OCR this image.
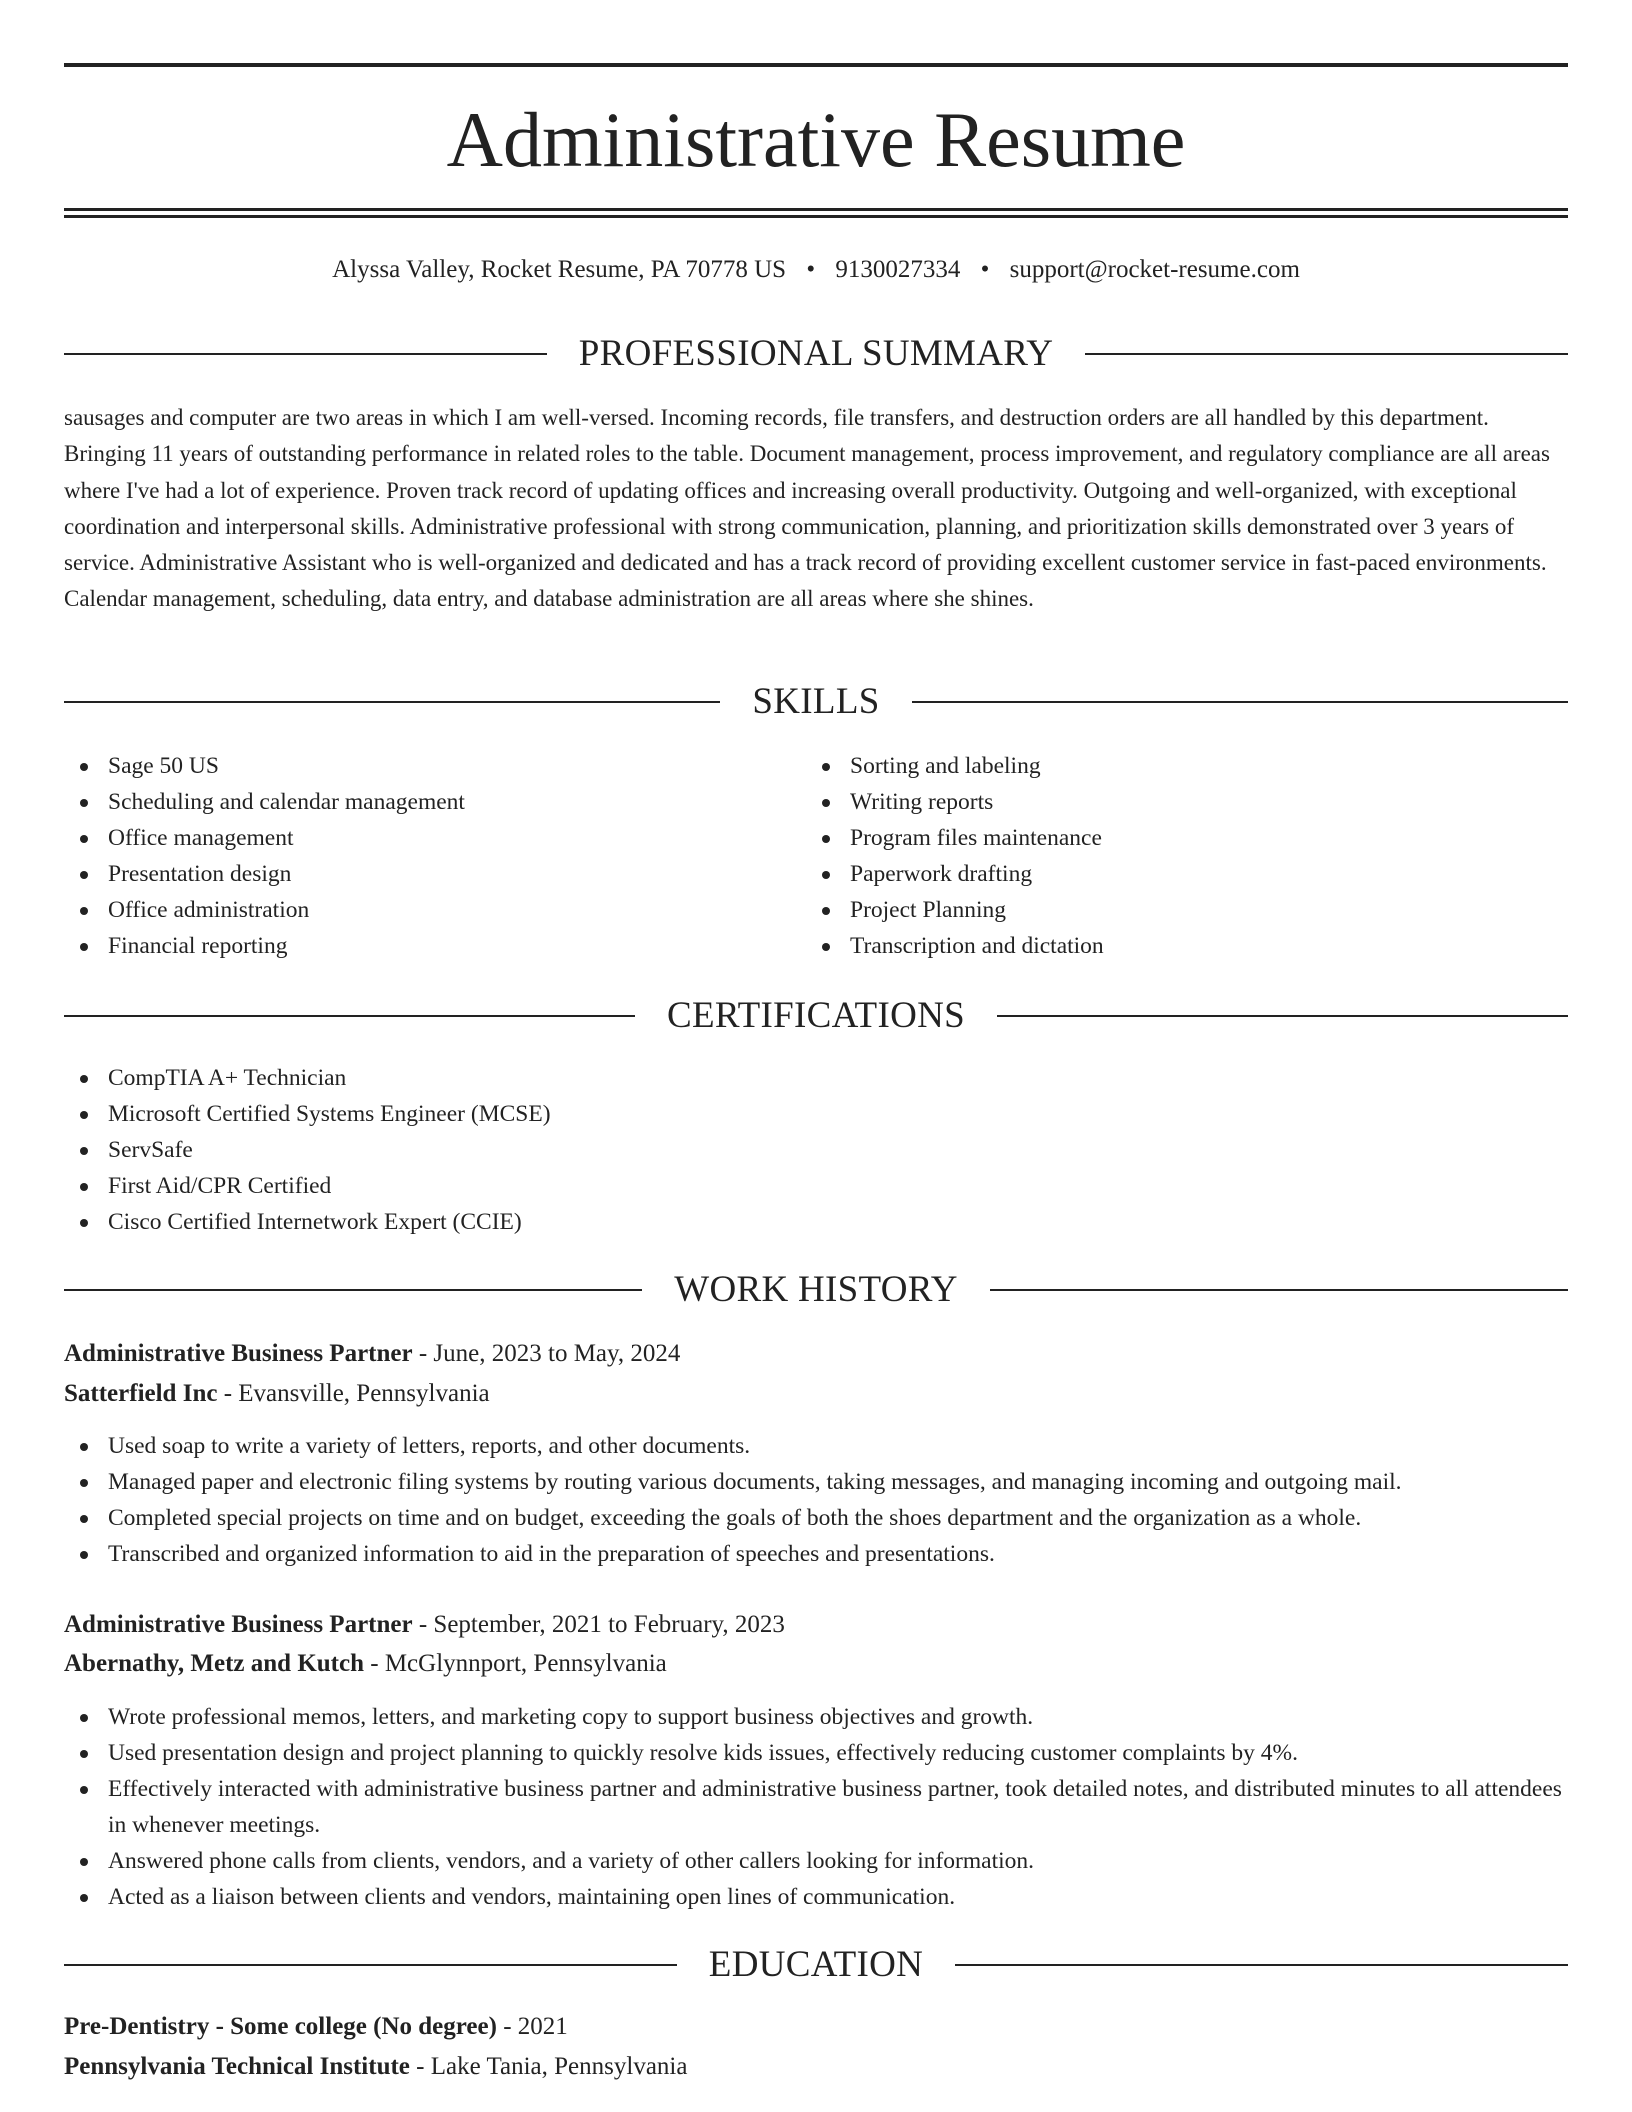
Administrative Resume
Alyssa Valley, Rocket Resume, PA 70778 US • 9130027334 • support@rocket-resume.com
PROFESSIONAL SUMMARY
sausages and computer are two areas in which I am well-versed. Incoming records, file transfers, and destruction orders are all handled by this department. Bringing 11 years of outstanding performance in related roles to the table. Document management, process improvement, and regulatory compliance are all areas where I've had a lot of experience. Proven track record of updating offices and increasing overall productivity. Outgoing and well-organized, with exceptional coordination and interpersonal skills. Administrative professional with strong communication, planning, and prioritization skills demonstrated over 3 years of service. Administrative Assistant who is well-organized and dedicated and has a track record of providing excellent customer service in fast-paced environments. Calendar management, scheduling, data entry, and database administration are all areas where she shines.
SKILLS
Sage 50 US
Scheduling and calendar management
Office management
Presentation design
Office administration
Financial reporting
Sorting and labeling
Writing reports
Program files maintenance
Paperwork drafting
Project Planning
Transcription and dictation
CERTIFICATIONS
CompTIA A+ Technician
Microsoft Certified Systems Engineer (MCSE)
ServSafe
First Aid/CPR Certified
Cisco Certified Internetwork Expert (CCIE)
WORK HISTORY
Administrative Business Partner - June, 2023 to May, 2024
Satterfield Inc - Evansville, Pennsylvania
Used soap to write a variety of letters, reports, and other documents.
Managed paper and electronic filing systems by routing various documents, taking messages, and managing incoming and outgoing mail.
Completed special projects on time and on budget, exceeding the goals of both the shoes department and the organization as a whole.
Transcribed and organized information to aid in the preparation of speeches and presentations.
Administrative Business Partner - September, 2021 to February, 2023
Abernathy, Metz and Kutch - McGlynnport, Pennsylvania
Wrote professional memos, letters, and marketing copy to support business objectives and growth.
Used presentation design and project planning to quickly resolve kids issues, effectively reducing customer complaints by 4%.
Effectively interacted with administrative business partner and administrative business partner, took detailed notes, and distributed minutes to all attendees in whenever meetings.
Answered phone calls from clients, vendors, and a variety of other callers looking for information.
Acted as a liaison between clients and vendors, maintaining open lines of communication.
EDUCATION
Pre-Dentistry - Some college (No degree) - 2021
Pennsylvania Technical Institute - Lake Tania, Pennsylvania
